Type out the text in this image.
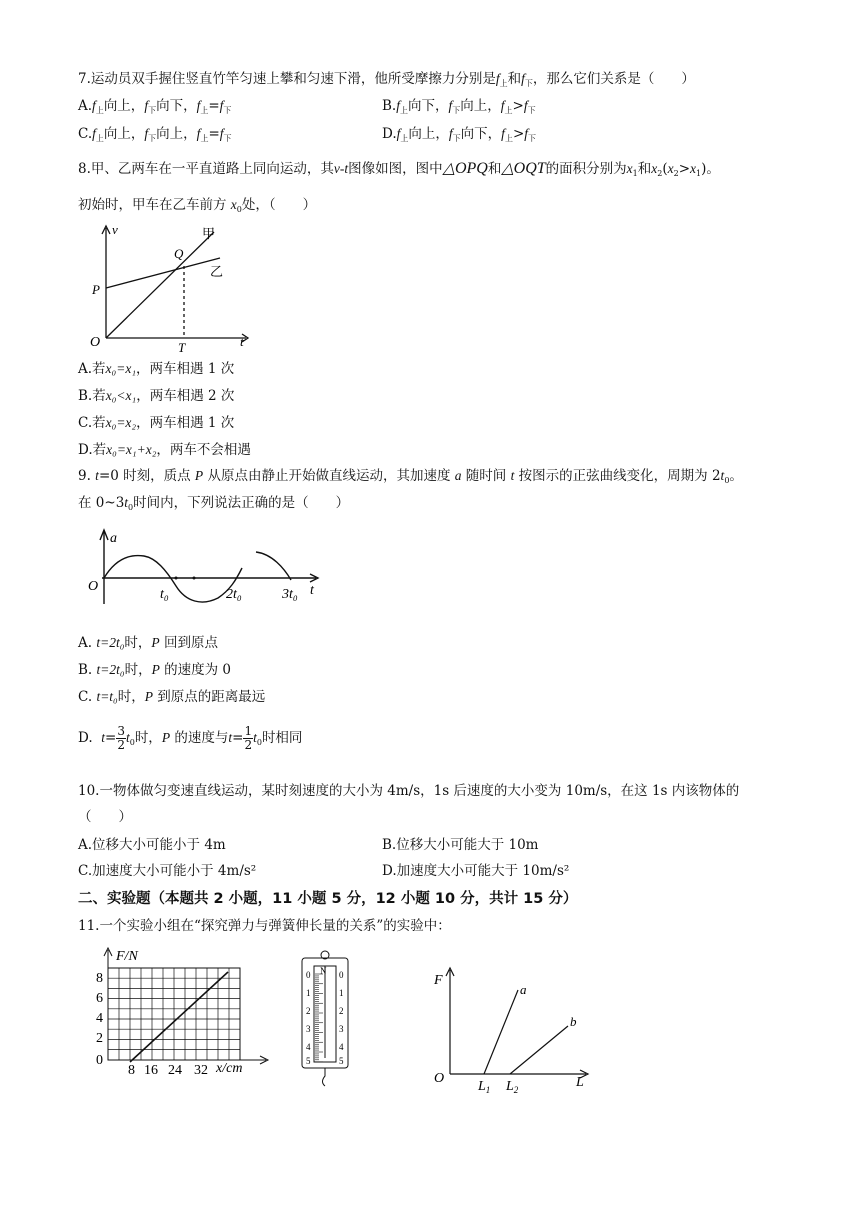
7.运动员双手握住竖直竹竿匀速上攀和匀速下滑，他所受摩擦力分别是$f_上$和$f_下$，那么它们关系是（　　）
$A.f_上$向上，$f_下$向下，$f_上=f_下$	$B.f_上$向下，$f_下$向上，$f_上>f_下$
$C.f_上$向上，$f_下$向上，$f_上=f_下$	$D.f_上$向上，$f_下$向下，$f_上>f_下$
8.甲、乙两车在一平直道路上同向运动，其v-t图像如图，图中△OPQ和△OQT的面积分别为$x_1$和$x_2(x_2>x_1)$。
初始时，甲车在乙车前方 $x_0$处，（　　）
v
t
O
P
Q
T
甲
乙
A.若x₀=x₁，两车相遇 1 次
B.若x₀<x₁，两车相遇 2 次
C.若x₀=x₂，两车相遇 1 次
D.若x₀=x₁+x₂，两车不会相遇
9. t=0 时刻，质点 P 从原点由静止开始做直线运动，其加速度 a 随时间 t 按图示的正弦曲线变化，周期为 $2t_0$。
在 $0\sim 3t_0$时间内，下列说法正确的是（　　）
a
O
t₀	2t₀	3t₀ t
A. t=2t₀时，P 回到原点
B. t=2t₀时，P 的速度为 0
C. t=t₀时，P 到原点的距离最远
D. $t= \frac{3}{2} t_0$时，P 的速度与$t= \frac{1}{2} t_0$时相同
10.一物体做匀变速直线运动，某时刻速度的大小为 4m/s，1s 后速度的大小变为 10m/s，在这 1s 内该物体的
（　　）
A.位移大小可能小于 4m	B.位移大小可能大于 10m
C.加速度大小可能小于 4m/s²	D.加速度大小可能大于 10m/s²
二、实验题（本题共 2 小题，11 小题 5 分，12 小题 10 分，共计 15 分）
11.一个实验小组在“探究弹力与弹簧伸长量的关系”的实验中：
F/N
x/cm
8
6
4
2
0
8 16 24 32
N
0
1
2
3
4
5
0
1
2
3
4
5
F
O
$L_1$ $L_2$	L
a
b
